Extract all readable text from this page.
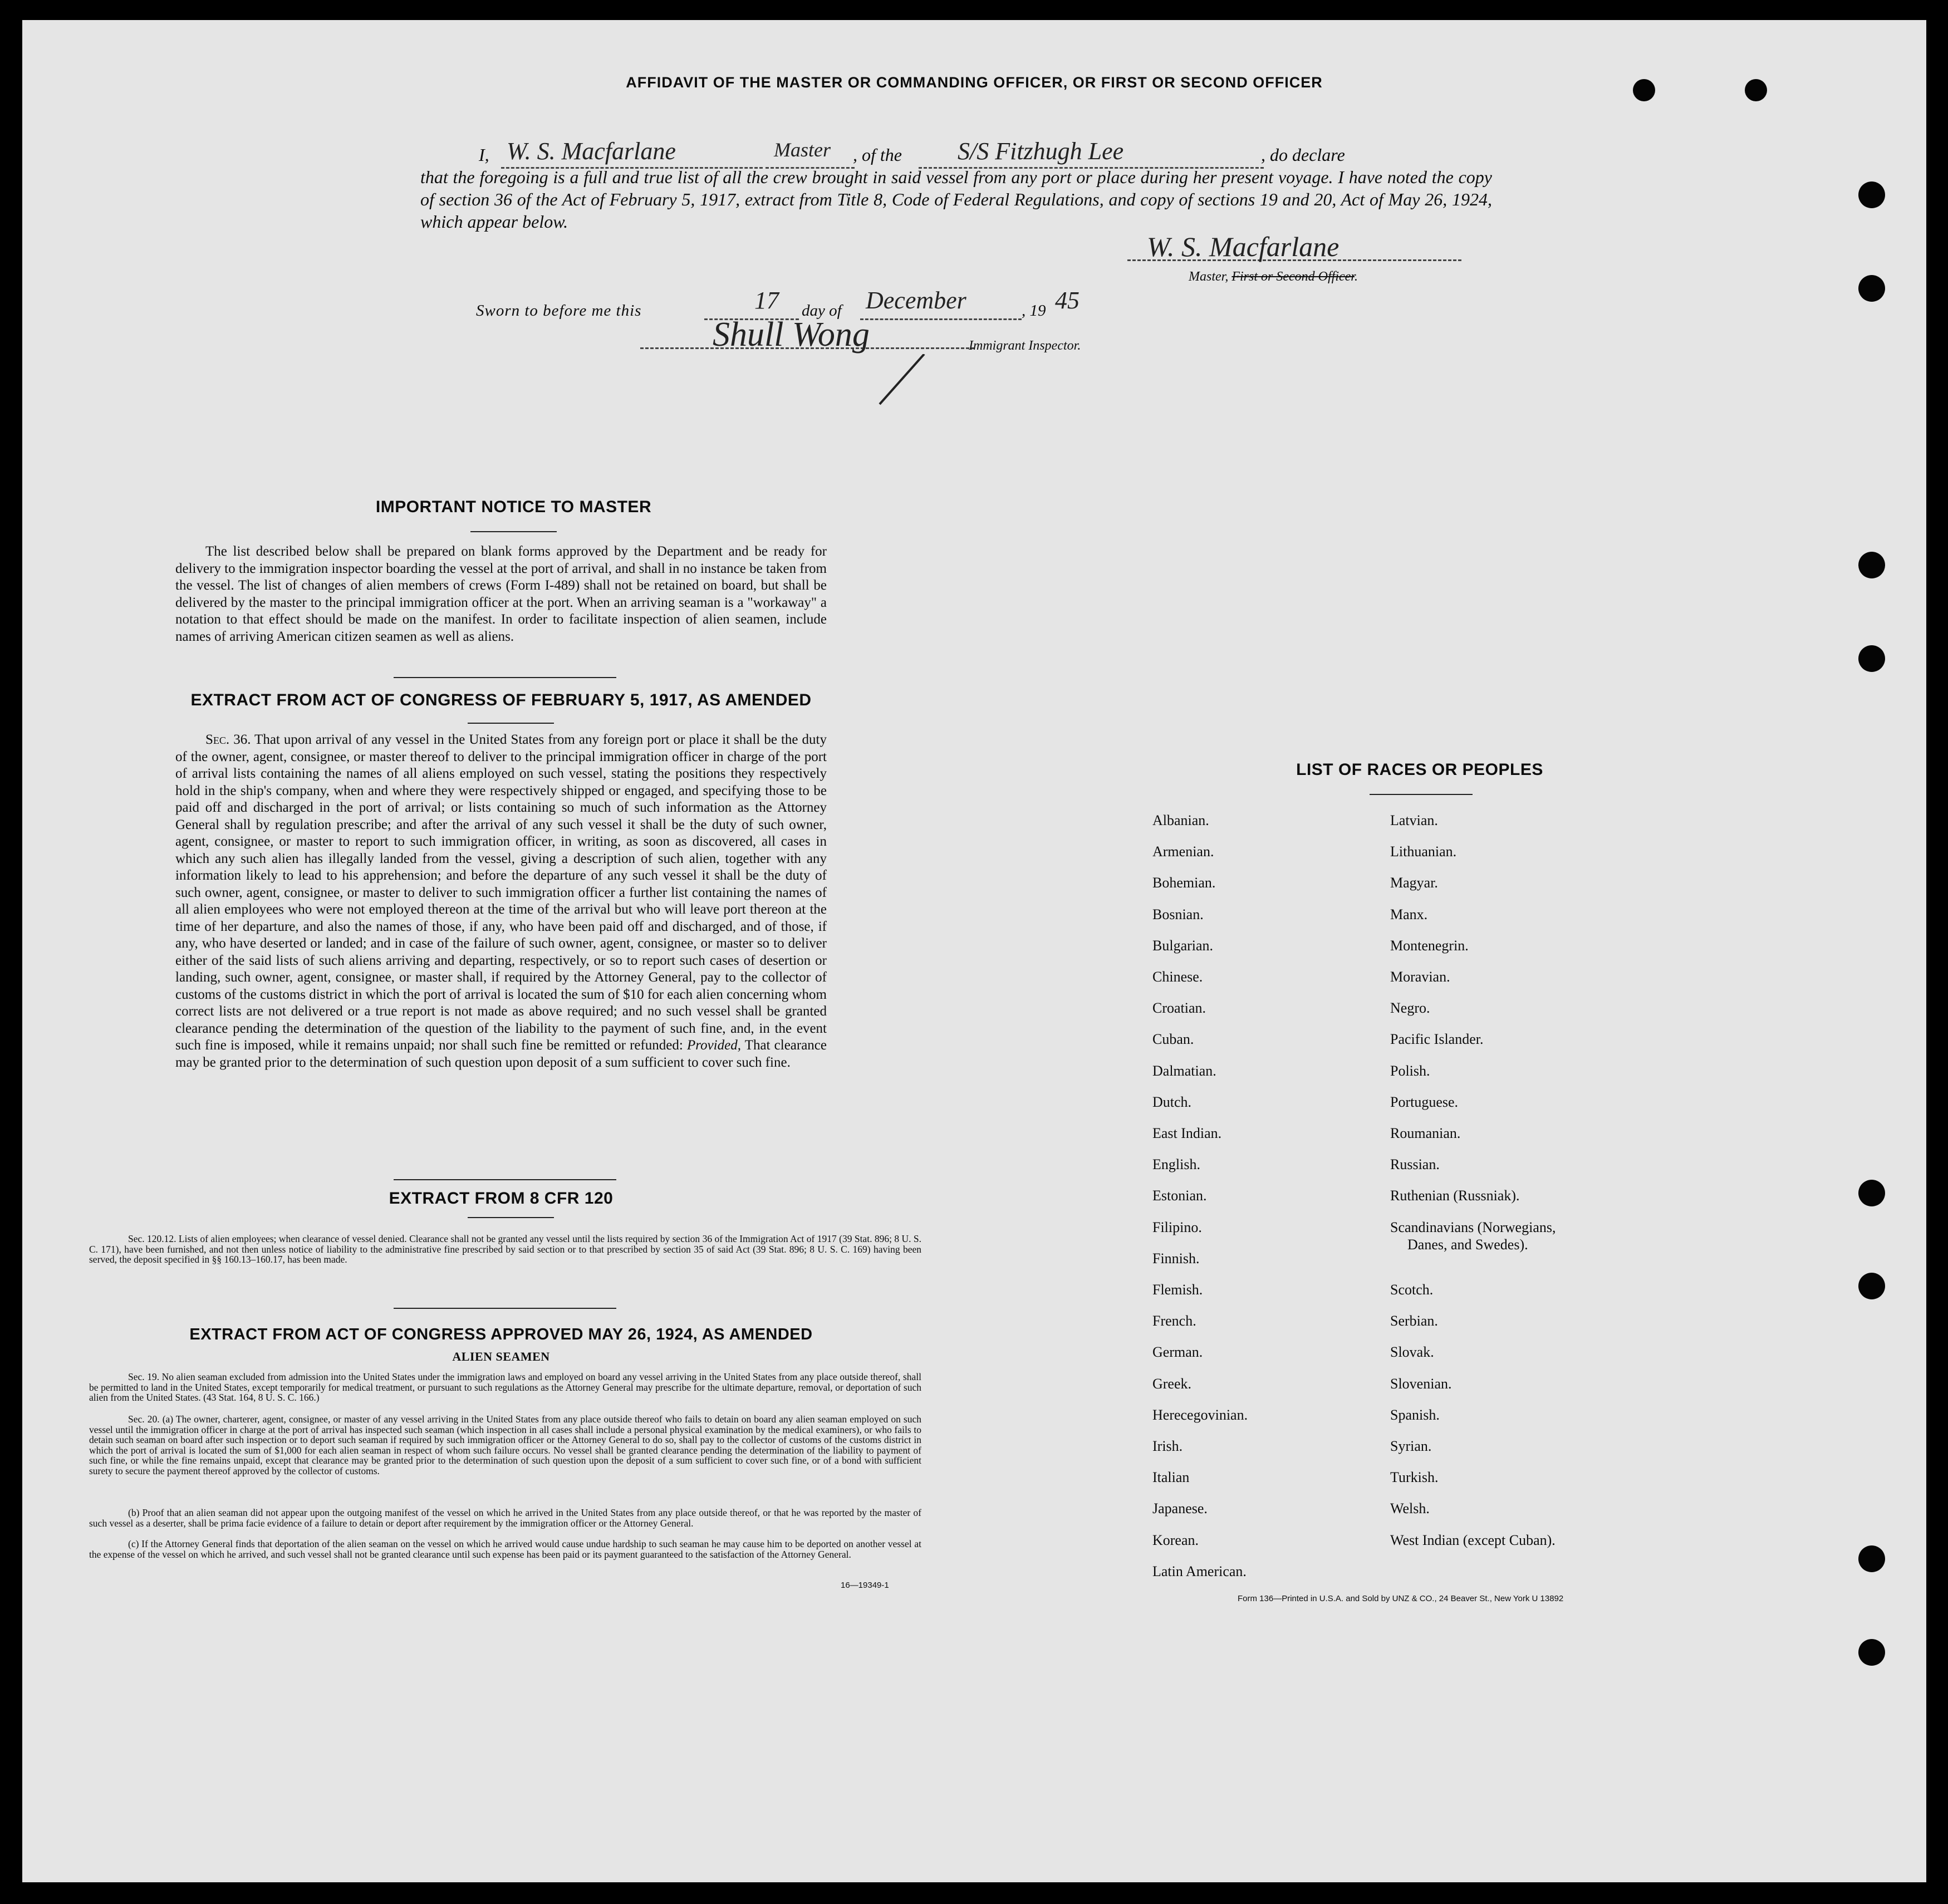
AFFIDAVIT OF THE MASTER OR COMMANDING OFFICER, OR FIRST OR SECOND OFFICER
I, W. S. Macfarlane	Master , of the S/S Fitzhugh Lee	, do declare
that the foregoing is a full and true list of all the crew brought in said vessel from any port or place during her present voyage. I have noted the copy of section 36 of the Act of February 5, 1917, extract from Title 8, Code of Federal Regulations, and copy of sections 19 and 20, Act of May 26, 1924, which appear below.
W. S. Macfarlane
Master, First or Second Officer.
Sworn to before me this	17 day of December	, 19 45
Shull Wong	Immigrant Inspector.
IMPORTANT NOTICE TO MASTER
The list described below shall be prepared on blank forms approved by the Department and be ready for delivery to the immigration inspector boarding the vessel at the port of arrival, and shall in no instance be taken from the vessel. The list of changes of alien members of crews (Form I-489) shall not be retained on board, but shall be delivered by the master to the principal immigration officer at the port. When an arriving seaman is a "workaway" a notation to that effect should be made on the manifest. In order to facilitate inspection of alien seamen, include names of arriving American citizen seamen as well as aliens.
EXTRACT FROM ACT OF CONGRESS OF FEBRUARY 5, 1917, AS AMENDED
Sec. 36. That upon arrival of any vessel in the United States from any foreign port or place it shall be the duty of the owner, agent, consignee, or master thereof to deliver to the principal immigration officer in charge of the port of arrival lists containing the names of all aliens employed on such vessel, stating the positions they respectively hold in the ship's company, when and where they were respectively shipped or engaged, and specifying those to be paid off and discharged in the port of arrival; or lists containing so much of such information as the Attorney General shall by regulation prescribe; and after the arrival of any such vessel it shall be the duty of such owner, agent, consignee, or master to report to such immigration officer, in writing, as soon as discovered, all cases in which any such alien has illegally landed from the vessel, giving a description of such alien, together with any information likely to lead to his apprehension; and before the departure of any such vessel it shall be the duty of such owner, agent, consignee, or master to deliver to such immigration officer a further list containing the names of all alien employees who were not employed thereon at the time of the arrival but who will leave port thereon at the time of her departure, and also the names of those, if any, who have been paid off and discharged, and of those, if any, who have deserted or landed; and in case of the failure of such owner, agent, consignee, or master so to deliver either of the said lists of such aliens arriving and departing, respectively, or so to report such cases of desertion or landing, such owner, agent, consignee, or master shall, if required by the Attorney General, pay to the collector of customs of the customs district in which the port of arrival is located the sum of $10 for each alien concerning whom correct lists are not delivered or a true report is not made as above required; and no such vessel shall be granted clearance pending the determination of the question of the liability to the payment of such fine, and, in the event such fine is imposed, while it remains unpaid; nor shall such fine be remitted or refunded: Provided, That clearance may be granted prior to the determination of such question upon deposit of a sum sufficient to cover such fine.
EXTRACT FROM 8 CFR 120
Sec. 120.12. Lists of alien employees; when clearance of vessel denied. Clearance shall not be granted any vessel until the lists required by section 36 of the Immigration Act of 1917 (39 Stat. 896; 8 U. S. C. 171), have been furnished, and not then unless notice of liability to the administrative fine prescribed by said section or to that prescribed by section 35 of said Act (39 Stat. 896; 8 U. S. C. 169) having been served, the deposit specified in §§ 160.13–160.17, has been made.
EXTRACT FROM ACT OF CONGRESS APPROVED MAY 26, 1924, AS AMENDED
ALIEN SEAMEN
Sec. 19. No alien seaman excluded from admission into the United States under the immigration laws and employed on board any vessel arriving in the United States from any place outside thereof, shall be permitted to land in the United States, except temporarily for medical treatment, or pursuant to such regulations as the Attorney General may prescribe for the ultimate departure, removal, or deportation of such alien from the United States. (43 Stat. 164, 8 U. S. C. 166.)
Sec. 20. (a) The owner, charterer, agent, consignee, or master of any vessel arriving in the United States from any place outside thereof who fails to detain on board any alien seaman employed on such vessel until the immigration officer in charge at the port of arrival has inspected such seaman (which inspection in all cases shall include a personal physical examination by the medical examiners), or who fails to detain such seaman on board after such inspection or to deport such seaman if required by such immigration officer or the Attorney General to do so, shall pay to the collector of customs of the customs district in which the port of arrival is located the sum of $1,000 for each alien seaman in respect of whom such failure occurs. No vessel shall be granted clearance pending the determination of the liability to payment of such fine, or while the fine remains unpaid, except that clearance may be granted prior to the determination of such question upon the deposit of a sum sufficient to cover such fine, or of a bond with sufficient surety to secure the payment thereof approved by the collector of customs.
(b) Proof that an alien seaman did not appear upon the outgoing manifest of the vessel on which he arrived in the United States from any place outside thereof, or that he was reported by the master of such vessel as a deserter, shall be prima facie evidence of a failure to detain or deport after requirement by the immigration officer or the Attorney General.
(c) If the Attorney General finds that deportation of the alien seaman on the vessel on which he arrived would cause undue hardship to such seaman he may cause him to be deported on another vessel at the expense of the vessel on which he arrived, and such vessel shall not be granted clearance until such expense has been paid or its payment guaranteed to the satisfaction of the Attorney General.
16—19349-1
LIST OF RACES OR PEOPLES
Form 136—Printed in U.S.A. and Sold by UNZ & CO., 24 Beaver St., New York U 13892
Albanian.
Armenian.
Bohemian.
Bosnian.
Bulgarian.
Chinese.
Croatian.
Cuban.
Dalmatian.
Dutch.
East Indian.
English.
Estonian.
Filipino.
Finnish.
Flemish.
French.
German.
Greek.
Herecegovinian.
Irish.
Italian
Japanese.
Korean.
Latin American.
Latvian.
Lithuanian.
Magyar.
Manx.
Montenegrin.
Moravian.
Negro.
Pacific Islander.
Polish.
Portuguese.
Roumanian.
Russian.
Ruthenian (Russniak).
Scandinavians (Norwegians,
Danes, and Swedes).
Scotch.
Serbian.
Slovak.
Slovenian.
Spanish.
Syrian.
Turkish.
Welsh.
West Indian (except Cuban).
